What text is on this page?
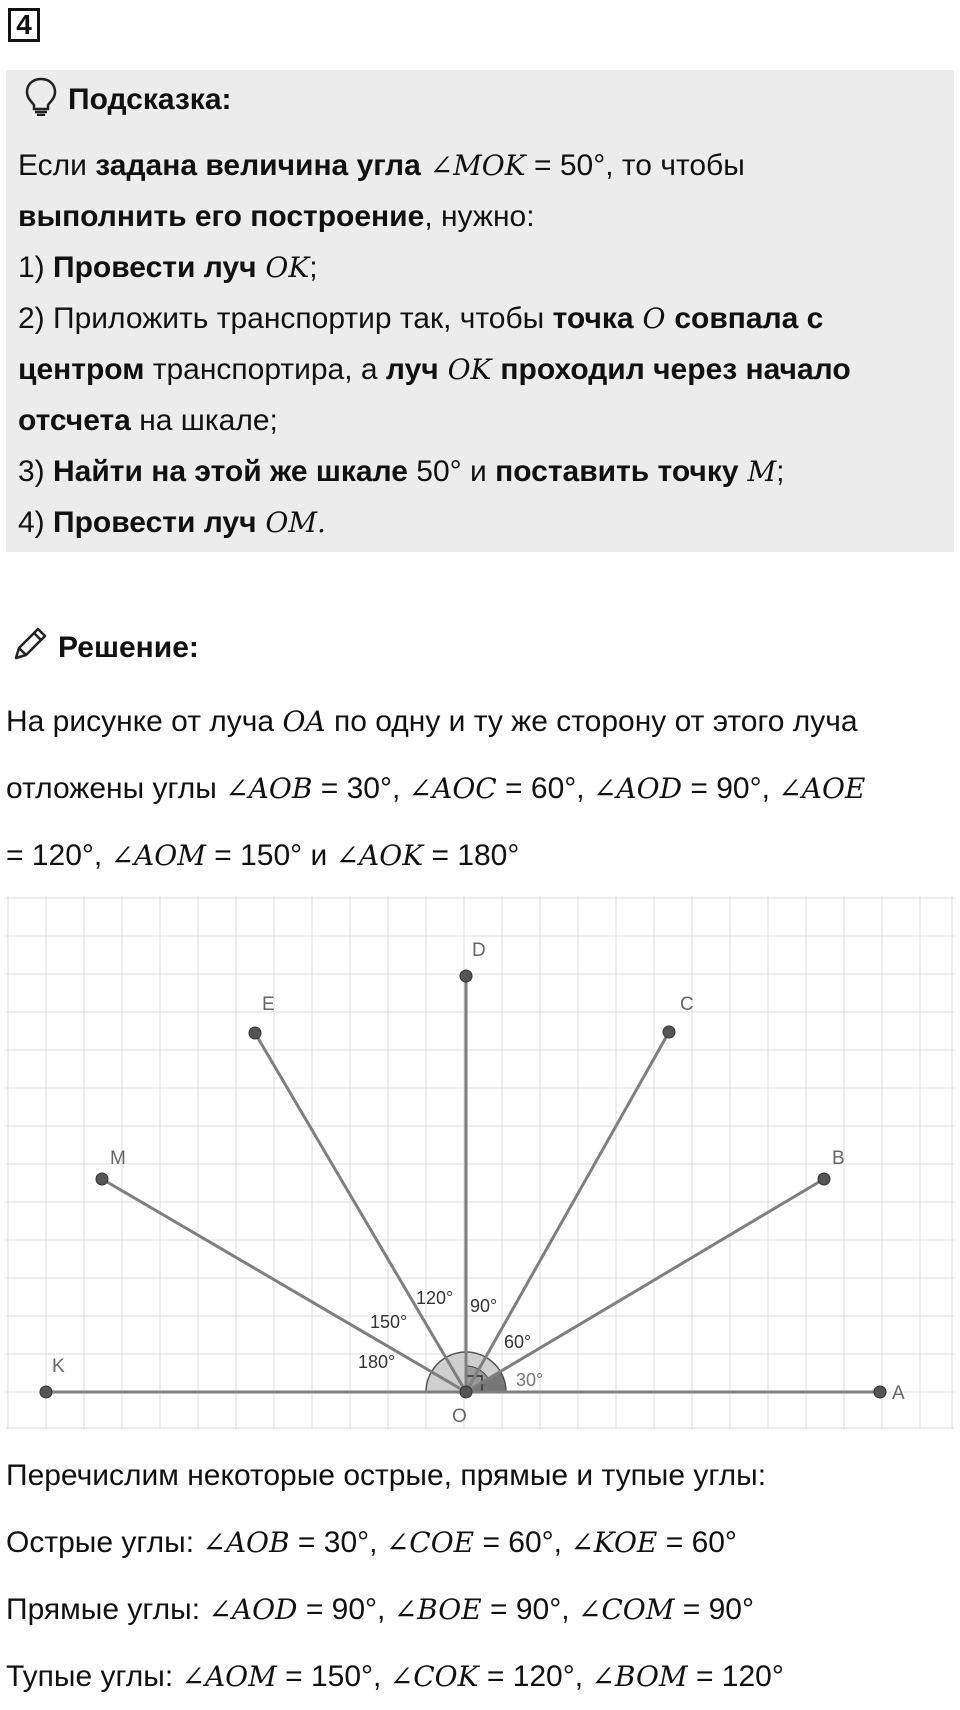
4
Подсказка:

Если задана величина угла ∠MOK = 50°, то чтобы

выполнить его построение, нужно:

1) Провести луч OK;

2) Приложить транспортир так, чтобы точка O совпала с

центром транспортира, а луч OK проходил через начало

отсчета на шкале;

3) Найти на этой же шкале 50° и поставить точку M;

4) Провести луч OM.

Решение:

На рисунке от луча OA по одну и ту же сторону от этого луча

отложены углы ∠AOB = 30°, ∠AOC = 60°, ∠AOD = 90°, ∠AOE

= 120°, ∠AOM = 150° и ∠AOK = 180°

O
A
K
B
C
D
E
M
30°
60°
90°
120°
150°
180°

Перечислим некоторые острые, прямые и тупые углы:

Острые углы: ∠AOB = 30°, ∠COE = 60°, ∠KOE = 60°

Прямые углы: ∠AOD = 90°, ∠BOE = 90°, ∠COM = 90°

Тупые углы: ∠AOM = 150°, ∠COK = 120°, ∠BOM = 120°
